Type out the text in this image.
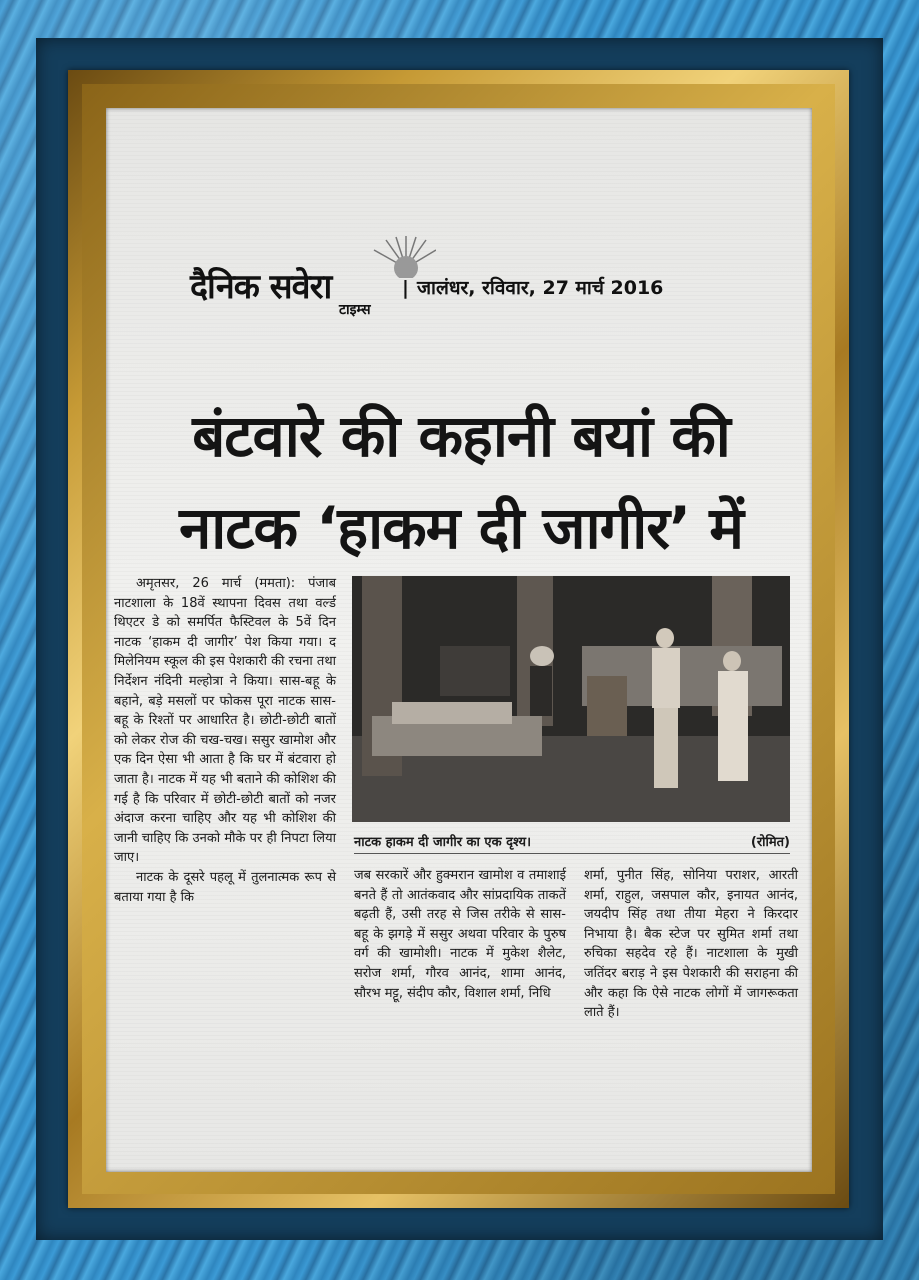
दैनिक सवेरा
टाइम्स
| जालंधर, रविवार, 27 मार्च 2016
बंटवारे की कहानी बयां की
नाटक ‘हाकम दी जागीर’ में

अमृतसर, 26 मार्च (ममता): पंजाब नाटशाला के 18वें स्थापना दिवस तथा वर्ल्ड थिएटर डे को समर्पित फैस्टिवल के 5वें दिन नाटक ‘हाकम दी जागीर’ पेश किया गया। द मिलेनियम स्कूल की इस पेशकारी की रचना तथा निर्देशन नंदिनी मल्होत्रा ने किया। सास-बहू के बहाने, बड़े मसलों पर फोकस पूरा नाटक सास-बहू के रिश्तों पर आधारित है। छोटी-छोटी बातों को लेकर रोज की चख-चख। ससुर खामोश और एक दिन ऐसा भी आता है कि घर में बंटवारा हो जाता है। नाटक में यह भी बताने की कोशिश की गई है कि परिवार में छोटी-छोटी बातों को नजर अंदाज करना चाहिए और यह भी कोशिश की जानी चाहिए कि उनको मौके पर ही निपटा लिया जाए।

नाटक के दूसरे पहलू में तुलनात्मक रूप से बताया गया है कि

नाटक हाकम दी जागीर का एक दृश्य।	(रोमित)

जब सरकारें और हुक्मरान खामोश व तमाशाई बनते हैं तो आतंकवाद और सांप्रदायिक ताकतें बढ़ती हैं, उसी तरह से जिस तरीके से सास-बहू के झगड़े में ससुर अथवा परिवार के पुरुष वर्ग की खामोशी। नाटक में मुकेश शैलेट, सरोज शर्मा, गौरव आनंद, शामा आनंद, सौरभ मट्टू, संदीप कौर, विशाल शर्मा, निधि

शर्मा, पुनीत सिंह, सोनिया पराशर, आरती शर्मा, राहुल, जसपाल कौर, इनायत आनंद, जयदीप सिंह तथा तीया मेहरा ने किरदार निभाया है। बैक स्टेज पर सुमित शर्मा तथा रुचिका सहदेव रहे हैं। नाटशाला के मुखी जतिंदर बराड़ ने इस पेशकारी की सराहना की और कहा कि ऐसे नाटक लोगों में जागरूकता लाते हैं।
